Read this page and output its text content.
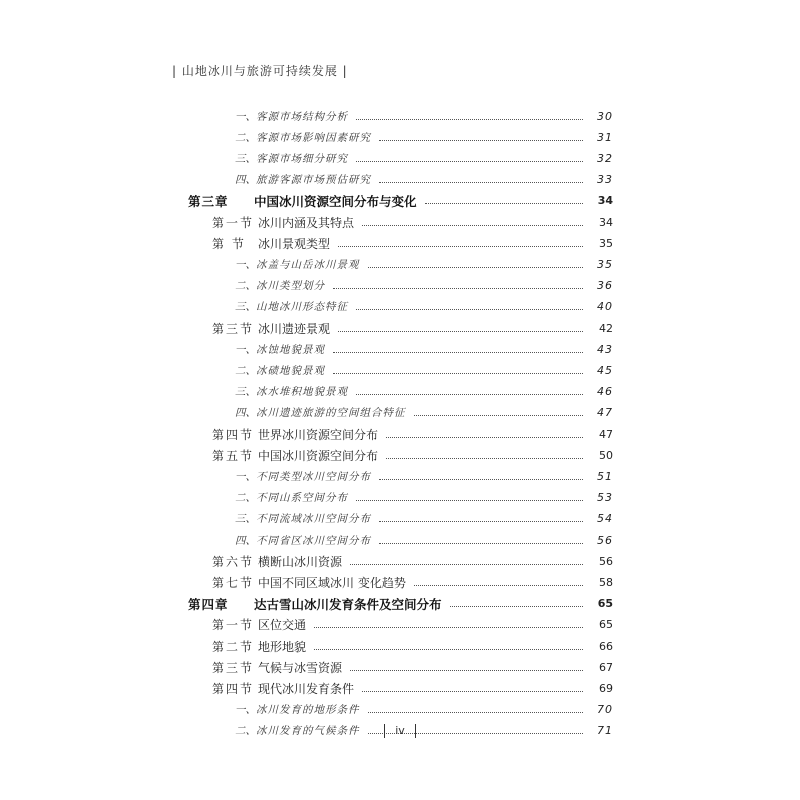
| 山地冰川与旅游可持续发展 |
一、 客源市场结构分析	30
二、 客源市场影响因素研究	31
三、 客源市场细分研究	32
四、 旅游客源市场预估研究	33
第三章	中国冰川资源空间分布与变化	34
第一节 冰川内涵及其特点	34
第 节	冰川景观类型	35
一、 冰盖与山岳冰川景观	35
二、 冰川类型划分	36
三、 山地冰川形态特征	40
第三节 冰川遗迹景观	42
一、 冰蚀地貌景观	43
二、 冰碛地貌景观	45
三、 冰水堆积地貌景观	46
四、 冰川遗迹旅游的空间组合特征	47
第四节 世界冰川资源空间分布	47
第五节 中国冰川资源空间分布	50
一、 不同类型冰川空间分布	51
二、 不同山系空间分布	53
三、 不同流域冰川空间分布	54
四、 不同省区冰川空间分布	56
第六节 横断山冰川资源	56
第七节 中国不同区域冰川 变化趋势	58
第四章	达古雪山冰川发育条件及空间分布	65
第一节 区位交通	65
第二节 地形地貌	66
第三节 气候与冰雪资源	67
第四节 现代冰川发育条件	69
一、 冰川发育的地形条件	70
二、 冰川发育的气候条件	71
iv
